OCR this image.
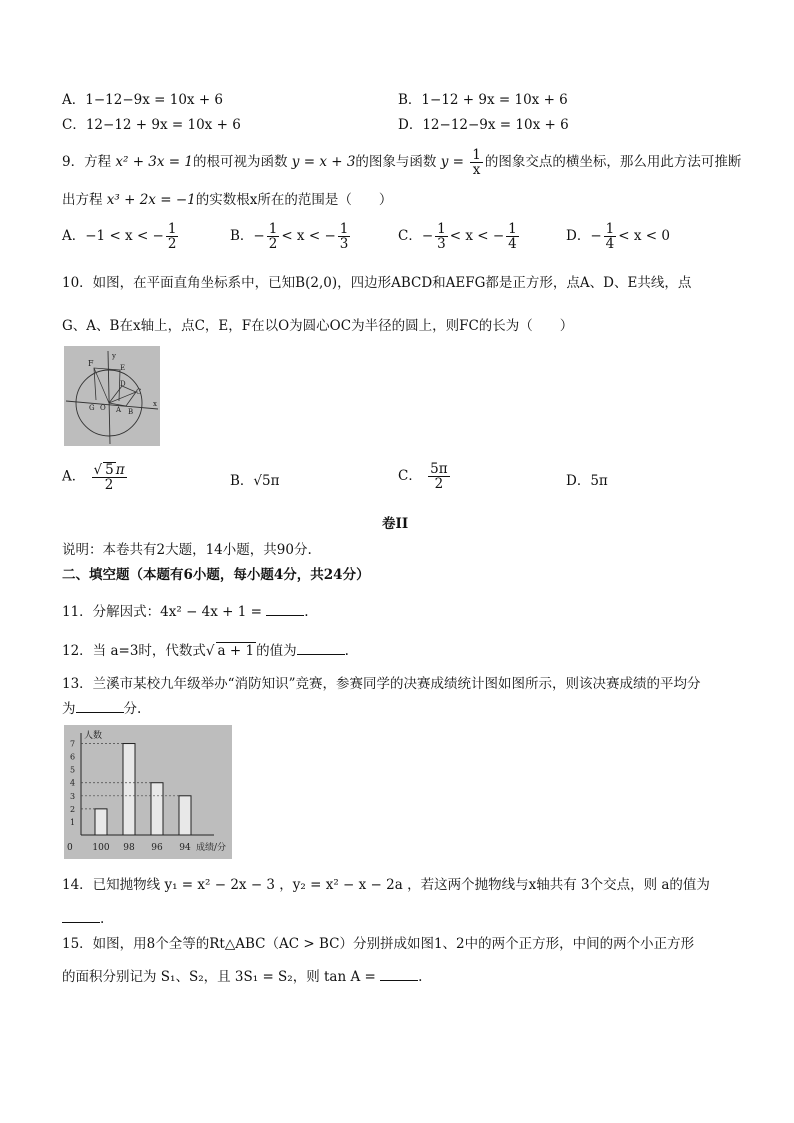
A．1−12−9x = 10x + 6	B．1−12 + 9x = 10x + 6
C．12−12 + 9x = 10x + 6	D．12−12−9x = 10x + 6
9．方程 x² + 3x = 1的根可视为函数 y = x + 3的图象与函数 $y = \frac{1}{x}$ 的图象交点的横坐标，那么用此方法可推断
出方程 x³ + 2x = −1的实数根x所在的范围是（　　）
A．−1 < x < − $\frac{1}{2}$	B．− $\frac{1}{2} < x$ < − $\frac{1}{3}$	C．− $\frac{1}{3} < x$ < − $\frac{1}{4}$	D．− $\frac{1}{4} < x < 0$
10．如图，在平面直角坐标系中，已知B(2,0)，四边形ABCD和AEFG都是正方形，点A、D、E共线，点
G、A、B在x轴上，点C，E，F在以O为圆心OC为半径的圆上，则FC的长为（　　）
F
y
E
D
C
G O A B
x
A． $\frac{√ 5 \pi}{2}$	B．√5π	C． $\frac{5\pi}{2}$	D．5π
卷II
说明：本卷共有2大题，14小题，共90分.
二、填空题（本题有6小题，每小题4分，共24分）
11．分解因式：4x² − 4x + 1 =	.
12．当 a=3时，代数式√ a + 1 的值为	.
13．兰溪市某校九年级举办“消防知识”竞赛，参赛同学的决赛成绩统计图如图所示，则该决赛成绩的平均分
为	分.
人数
0	成绩/分
1
2
3
4
5
6
7
100 98 96 94
14．已知抛物线 y₁ = x² − 2x − 3 ，y₂ = x² − x − 2a ，若这两个抛物线与x轴共有 3个交点，则 a的值为
.
15．如图，用8个全等的Rt△ABC（AC > BC）分别拼成如图1、2中的两个正方形，中间的两个小正方形
的面积分别记为 S₁、S₂，且 3S₁ = S₂，则 tan A =	.
